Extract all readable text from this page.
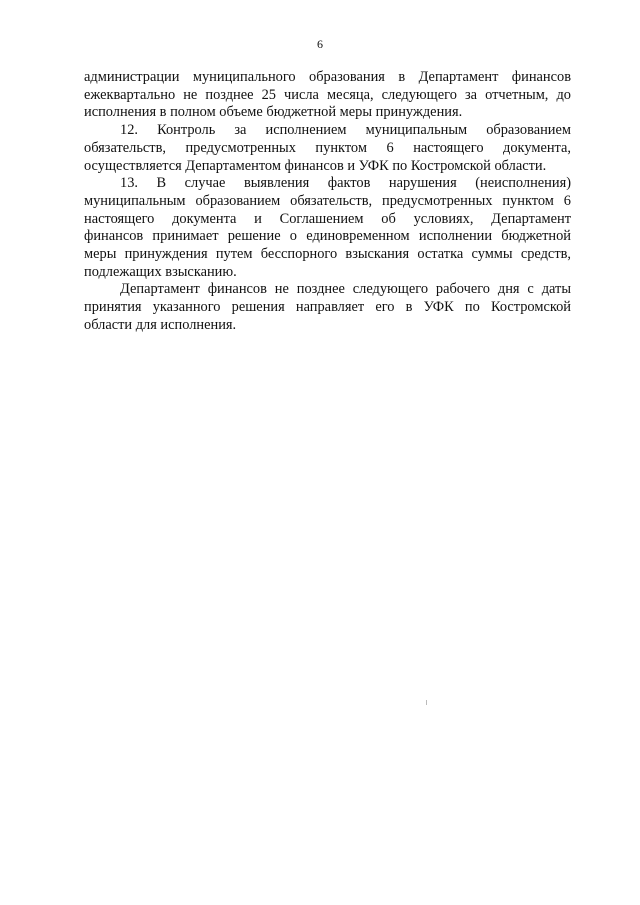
6

администрации муниципального образования в Департамент финансов

ежеквартально не позднее 25 числа месяца, следующего за отчетным, до

исполнения в полном объеме бюджетной меры принуждения.

12. Контроль за исполнением муниципальным образованием

обязательств, предусмотренных пунктом 6 настоящего документа,

осуществляется Департаментом финансов и УФК по Костромской области.

13. В случае выявления фактов нарушения (неисполнения)

муниципальным образованием обязательств, предусмотренных пунктом 6

настоящего документа и Соглашением об условиях, Департамент

финансов принимает решение о единовременном исполнении бюджетной

меры принуждения путем бесспорного взыскания остатка суммы средств,

подлежащих взысканию.

Департамент финансов не позднее следующего рабочего дня с даты

принятия указанного решения направляет его в УФК по Костромской

области для исполнения.
